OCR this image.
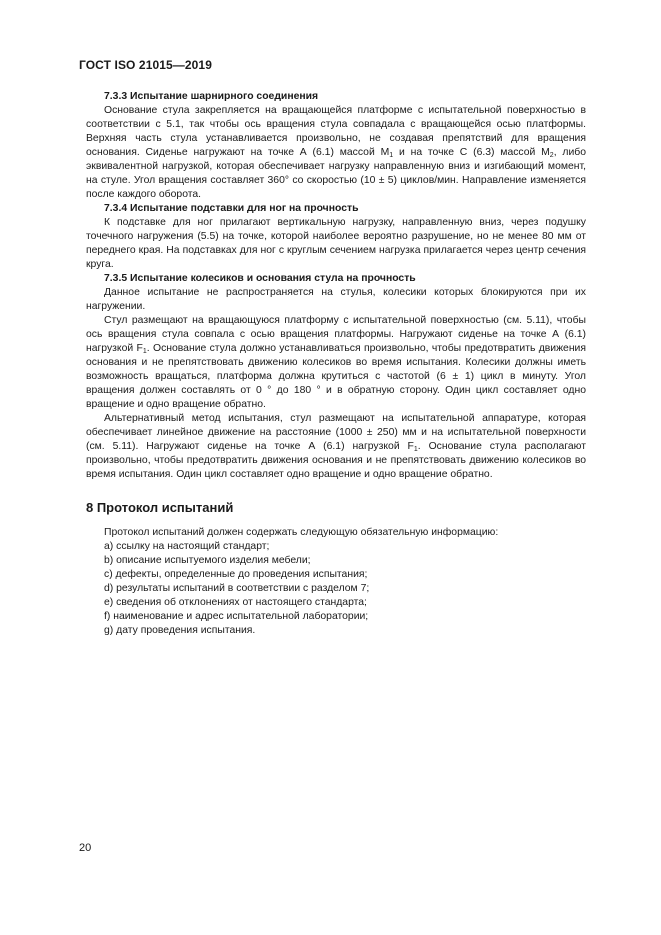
ГОСТ ISO 21015—2019
7.3.3 Испытание шарнирного соединения

Основание стула закрепляется на вращающейся платформе с испытательной поверхностью в соответствии с 5.1, так чтобы ось вращения стула совпадала с вращающейся осью платформы. Верхняя часть стула устанавливается произвольно, не создавая препятствий для вращения основания. Сиденье нагружают на точке А (6.1) массой $M_1$ и на точке С (6.3) массой $M_2$, либо эквивалентной нагрузкой, которая обеспечивает нагрузку направленную вниз и изгибающий момент, на стуле. Угол вращения составляет 360° со скоростью (10 ± 5) циклов/мин. Направление изменяется после каждого оборота.

7.3.4 Испытание подставки для ног на прочность

К подставке для ног прилагают вертикальную нагрузку, направленную вниз, через подушку точечного нагружения (5.5) на точке, которой наиболее вероятно разрушение, но не менее 80 мм от переднего края. На подставках для ног с круглым сечением нагрузка прилагается через центр сечения круга.

7.3.5 Испытание колесиков и основания стула на прочность

Данное испытание не распространяется на стулья, колесики которых блокируются при их нагружении.

Стул размещают на вращающуюся платформу с испытательной поверхностью (см. 5.11), чтобы ось вращения стула совпала с осью вращения платформы. Нагружают сиденье на точке А (6.1) нагрузкой $F_1$. Основание стула должно устанавливаться произвольно, чтобы предотвратить движения основания и не препятствовать движению колесиков во время испытания. Колесики должны иметь возможность вращаться, платформа должна крутиться с частотой (6 ± 1) цикл в минуту. Угол вращения должен составлять от 0 ° до 180 ° и в обратную сторону. Один цикл составляет одно вращение и одно вращение обратно.

Альтернативный метод испытания, стул размещают на испытательной аппаратуре, которая обеспечивает линейное движение на расстояние (1000 ± 250) мм и на испытательной поверхности (см. 5.11). Нагружают сиденье на точке А (6.1) нагрузкой $F_1$. Основание стула располагают произвольно, чтобы предотвратить движения основания и не препятствовать движению колесиков во время испытания. Один цикл составляет одно вращение и одно вращение обратно.

8 Протокол испытаний

Протокол испытаний должен содержать следующую обязательную информацию:

a) ссылку на настоящий стандарт;

b) описание испытуемого изделия мебели;

c) дефекты, определенные до проведения испытания;

d) результаты испытаний в соответствии с разделом 7;

e) сведения об отклонениях от настоящего стандарта;

f) наименование и адрес испытательной лаборатории;

g) дату проведения испытания.

20
